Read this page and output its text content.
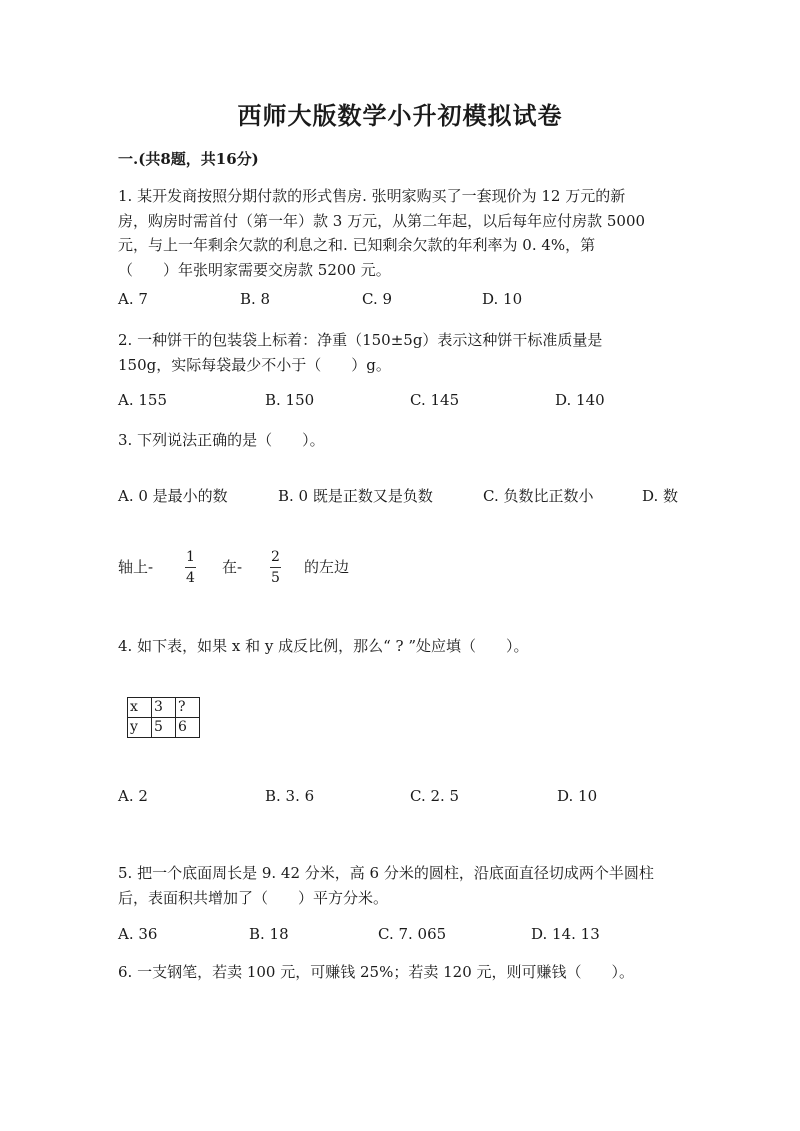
西师大版数学小升初模拟试卷
一.(共8题，共16分)
1. 某开发商按照分期付款的形式售房. 张明家购买了一套现价为 12 万元的新
房，购房时需首付（第一年）款 3 万元，从第二年起，以后每年应付房款 5000
元，与上一年剩余欠款的利息之和. 已知剩余欠款的年利率为 0. 4%，第
（　　）年张明家需要交房款 5200 元。
A. 7	B. 8	C. 9	D. 10
2. 一种饼干的包装袋上标着：净重（150±5g）表示这种饼干标准质量是
150g，实际每袋最少不小于（　　）g。
A. 155	B. 150	C. 145	D. 140
3. 下列说法正确的是（　　）。
A. 0 是最小的数	B. 0 既是正数又是负数	C. 负数比正数小	D. 数
轴上-
1
4
在-
2
5
的左边
4. 如下表，如果 x 和 y 成反比例，那么“ ? ”处应填（　　）。
x	3	?
y	5	6
A. 2	B. 3. 6	C. 2. 5	D. 10
5. 把一个底面周长是 9. 42 分米，高 6 分米的圆柱，沿底面直径切成两个半圆柱
后，表面积共增加了（　　）平方分米。
A. 36	B. 18	C. 7. 065	D. 14. 13
6. 一支钢笔，若卖 100 元，可赚钱 25%；若卖 120 元，则可赚钱（　　）。
